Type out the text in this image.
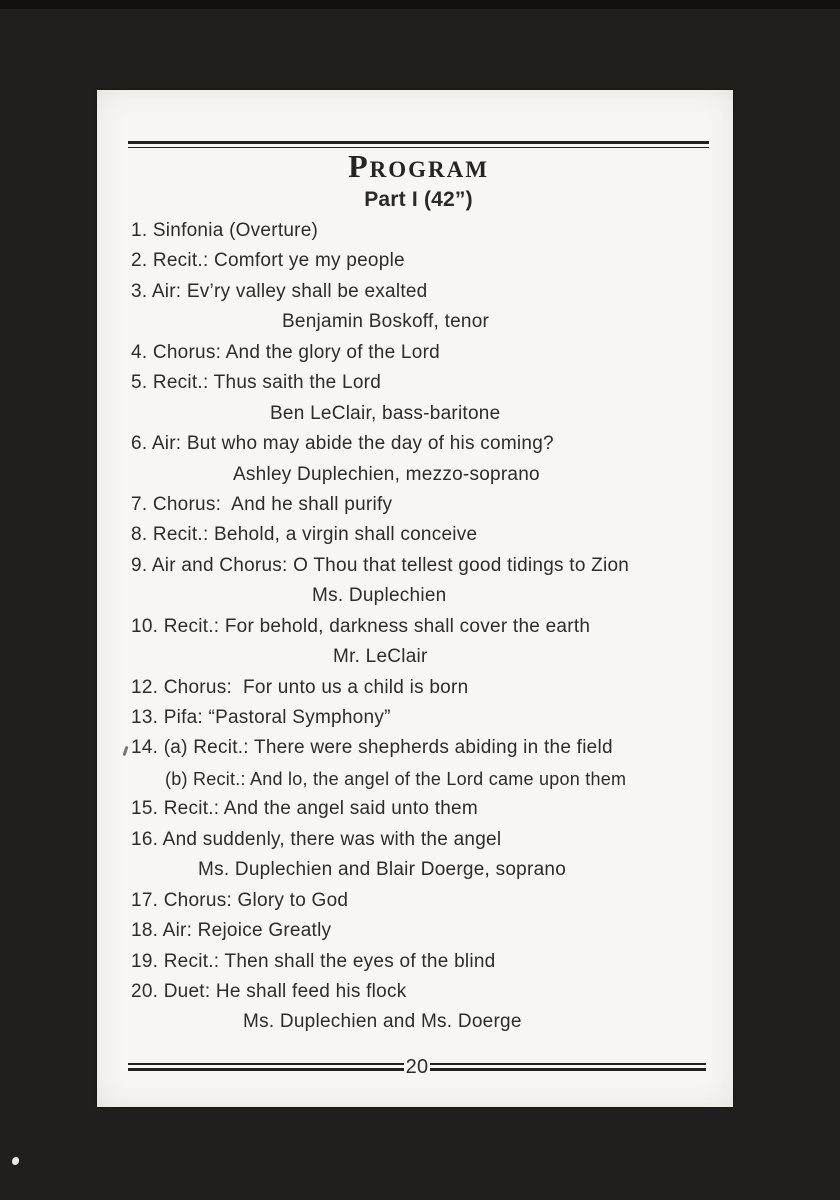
PROGRAM
Part I (42”)
1. Sinfonia (Overture)
2. Recit.: Comfort ye my people
3. Air: Ev’ry valley shall be exalted
Benjamin Boskoff, tenor
4. Chorus: And the glory of the Lord
5. Recit.: Thus saith the Lord
Ben LeClair, bass-baritone
6. Air: But who may abide the day of his coming?
Ashley Duplechien, mezzo-soprano
7. Chorus:  And he shall purify
8. Recit.: Behold, a virgin shall conceive
9. Air and Chorus: O Thou that tellest good tidings to Zion
Ms. Duplechien
10. Recit.: For behold, darkness shall cover the earth
Mr. LeClair
12. Chorus:  For unto us a child is born
13. Pifa: “Pastoral Symphony”
14. (a) Recit.: There were shepherds abiding in the field
(b) Recit.: And lo, the angel of the Lord came upon them
15. Recit.: And the angel said unto them
16. And suddenly, there was with the angel
Ms. Duplechien and Blair Doerge, soprano
17. Chorus: Glory to God
18. Air: Rejoice Greatly
19. Recit.: Then shall the eyes of the blind
20. Duet: He shall feed his flock
Ms. Duplechien and Ms. Doerge
20
